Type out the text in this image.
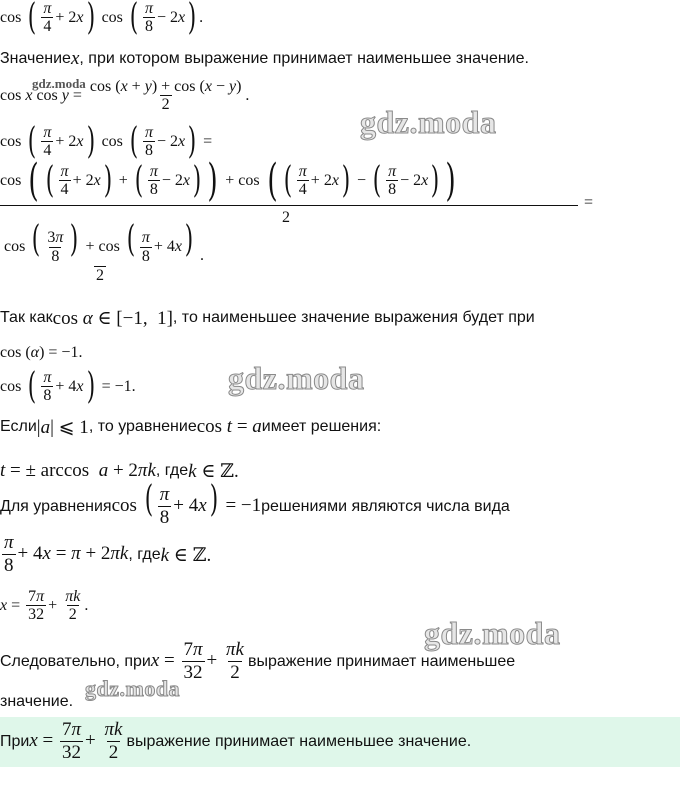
gdz.moda
gdz.moda
gdz.moda
gdz.moda
gdz.moda
cos ( $\frac{\pi}{4} + 2$ x ) cos ( $\frac{\pi}{8} - 2$ x ) .
Значение x , при котором выражение принимает наименьшее значение.
cos x $\cos y = \frac{\cos (x + y) + \cos (x - y)}{2}$ .
cos ( $\frac{\pi}{4} + 2$ x ) cos ( $\frac{\pi}{8} - 2$ x ) =
cos ( ( $\frac{\pi}{4} + 2$ x ) + ( $\frac{\pi}{8} - 2$ x ) ) + cos ( ( $\frac{\pi}{4} + 2$ x ) − ( $\frac{\pi}{8} - 2$ x ) )
2
=
$\frac{\cos ( \frac{3\pi}{8} ) + \cos ( \frac{\pi}{8} + 4x)}{2}$ .
Так как cos α ∈ [−1,  1] , то наименьшее значение выражения будет при
cos ( α ) = −1.
cos ( $\frac{\pi}{8} + 4$ x ) = −1.
Если |a| ⩽ 1 , то уравнение cos t = a имеет решения:
t = ± arccos  a + 2πk , где k ∈ ℤ.
Для уравнения cos ( $\frac{\pi}{8} + 4x) = -1$ решениями являются числа вида
$\frac{\pi}{8} + 4x = \pi + 2\pi k$ , где k ∈ ℤ.
$x = \frac{7\pi}{32} + \frac{\pi k}{2}$ .
Следовательно, при $x = \frac{7\pi}{32} + \frac{\pi k}{2}$ выражение принимает наименьшее
значение.
При $x = \frac{7\pi}{32} + \frac{\pi k}{2}$ выражение принимает наименьшее значение.
